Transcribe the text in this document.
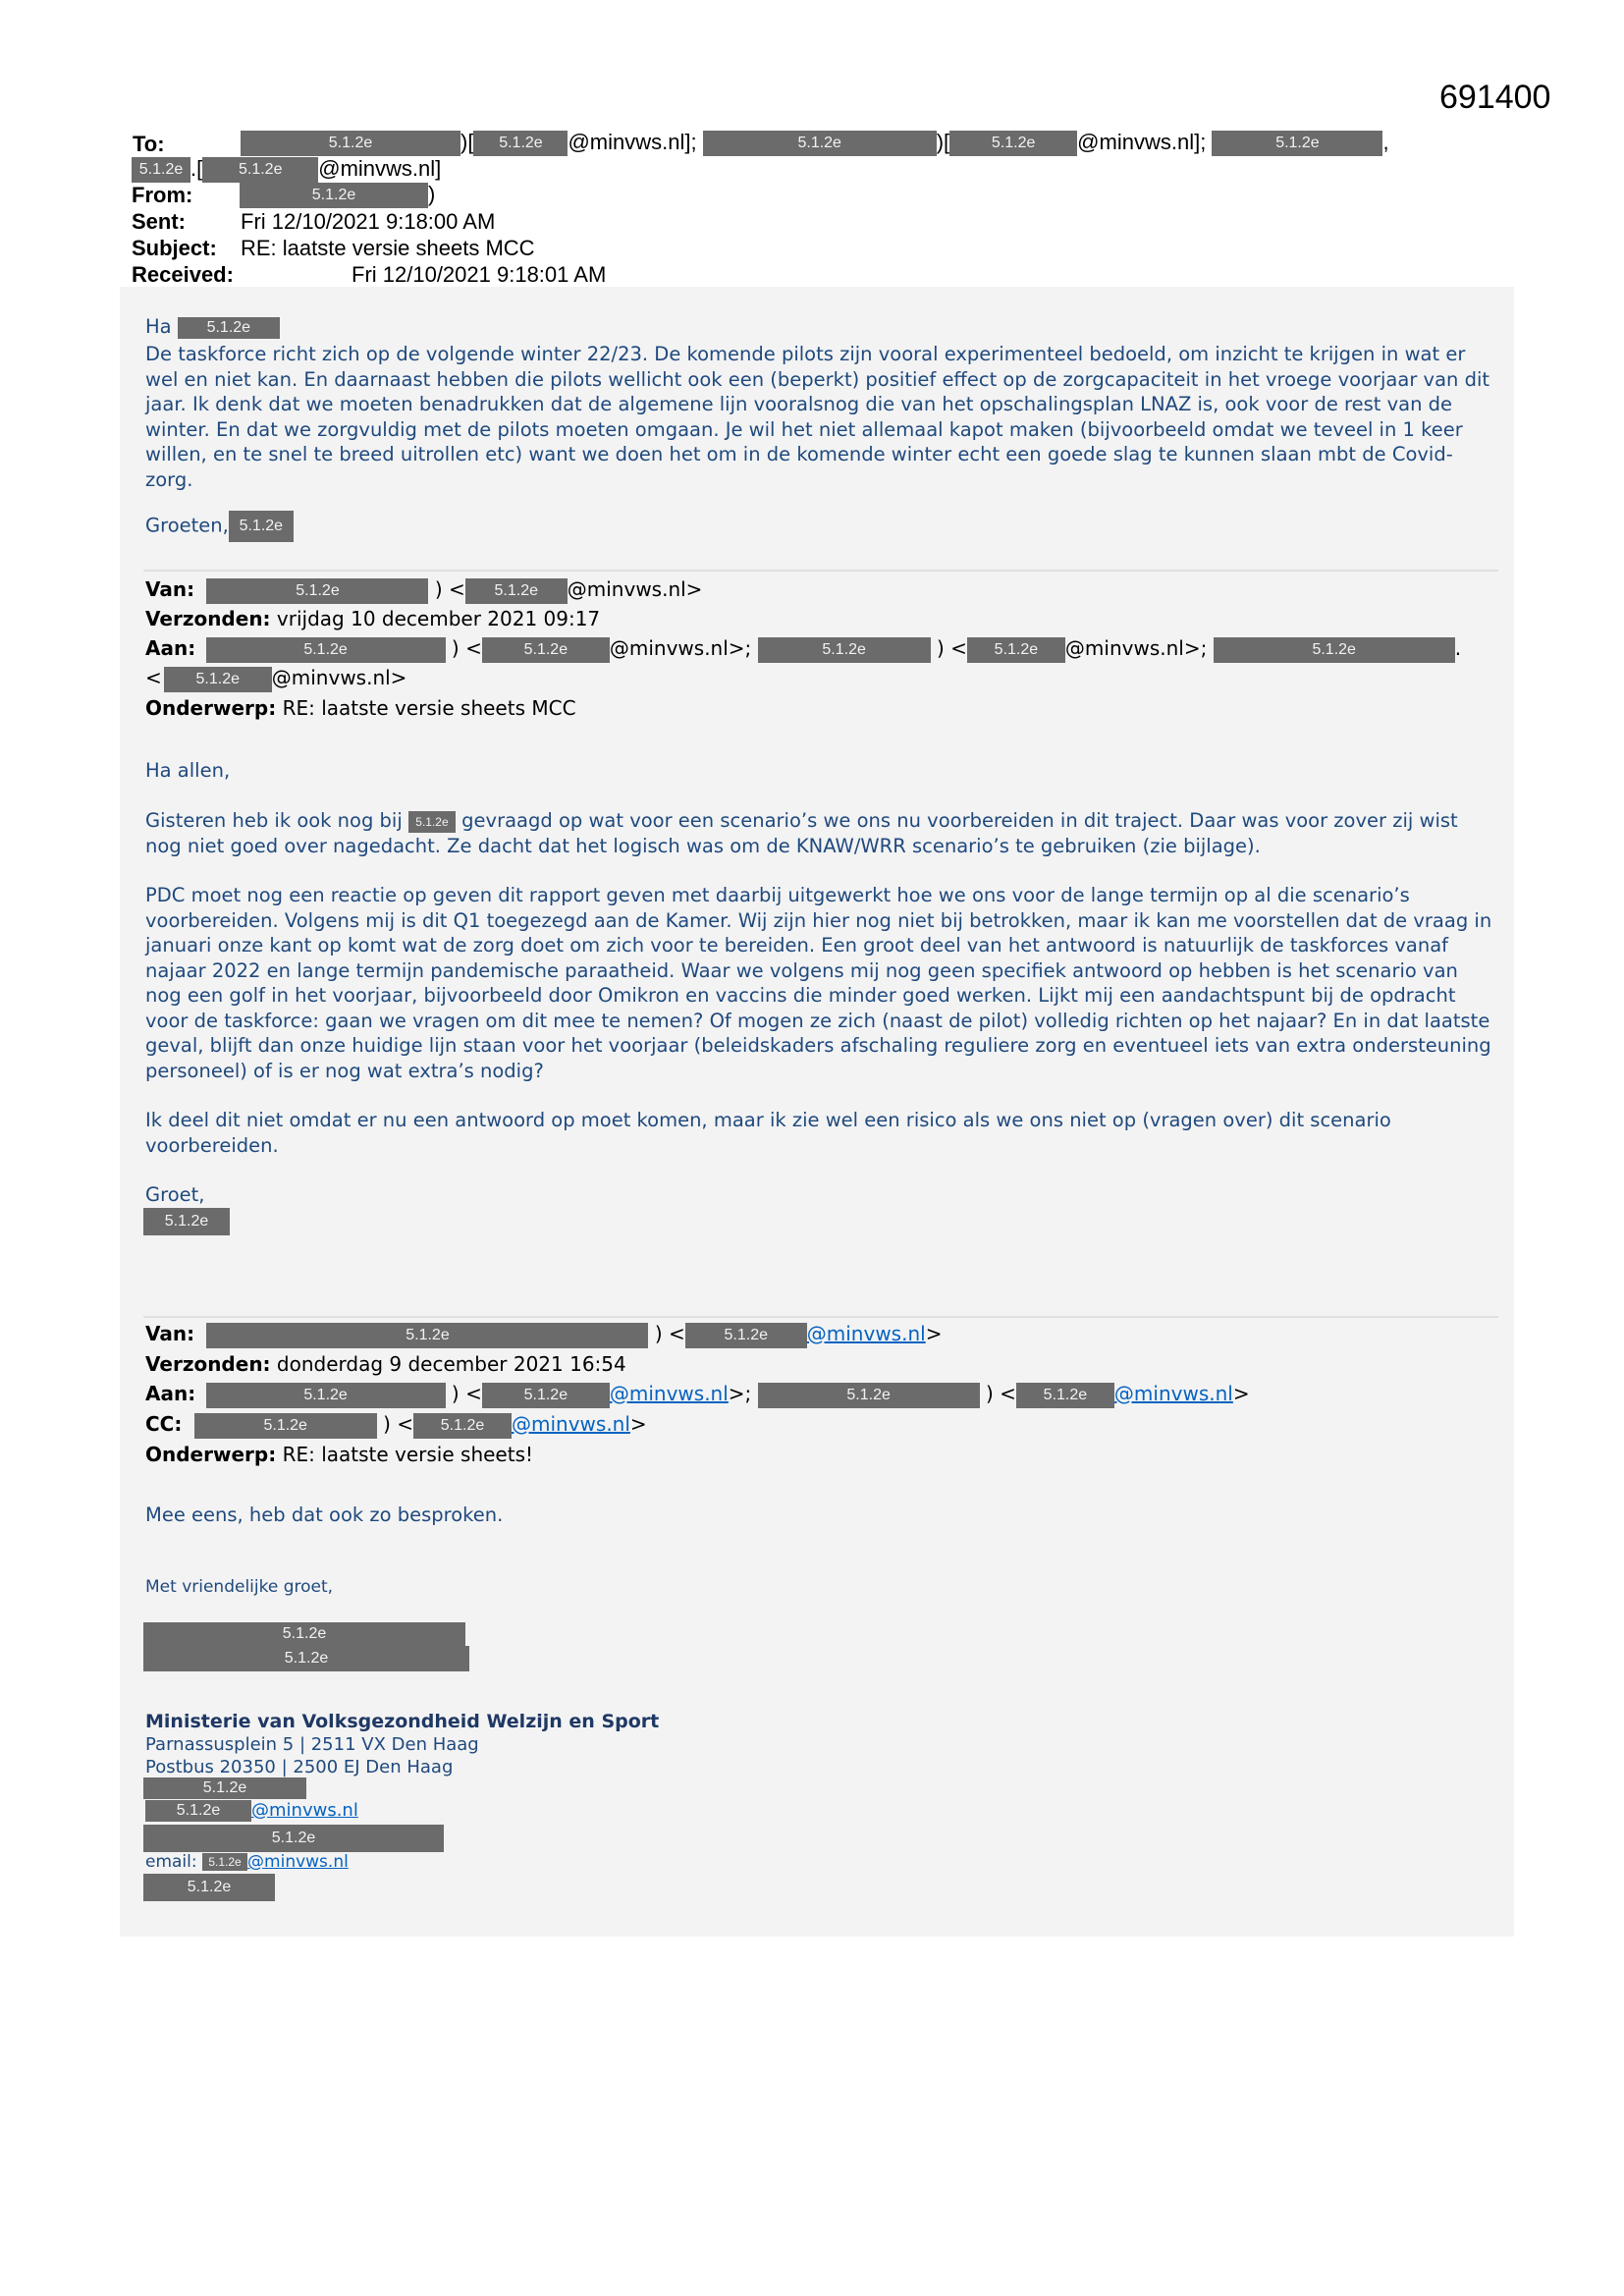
691400
To:	5.1.2e	)[ 5.1.2e @minvws.nl];	5.1.2e	)[	5.1.2e @minvws.nl];	5.1.2e	,
5.1.2e .[ 5.1.2e @minvws.nl]
From:	5.1.2e	)
Sent:	Fri 12/10/2021 9:18:00 AM
Subject: RE: laatste versie sheets MCC
Received:	Fri 12/10/2021 9:18:01 AM
Ha 5.1.2e
De taskforce richt zich op de volgende winter 22/23. De komende pilots zijn vooral experimenteel bedoeld, om inzicht te krijgen in wat er wel en niet kan. En daarnaast hebben die pilots wellicht ook een (beperkt) positief effect op de zorgcapaciteit in het vroege voorjaar van dit jaar. Ik denk dat we moeten benadrukken dat de algemene lijn vooralsnog die van het opschalingsplan LNAZ is, ook voor de rest van de winter. En dat we zorgvuldig met de pilots moeten omgaan. Je wil het niet allemaal kapot maken (bijvoorbeeld omdat we teveel in 1 keer willen, en te snel te breed uitrollen etc) want we doen het om in de komende winter echt een goede slag te kunnen slaan mbt de Covid-zorg.
Groeten, 5.1.2e
Van:	5.1.2e	) < 5.1.2e @minvws.nl>
Verzonden: vrijdag 10 december 2021 09:17
Aan:	5.1.2e	) <	5.1.2e @minvws.nl>;	5.1.2e	) < 5.1.2e @minvws.nl>;	5.1.2e	.
< 5.1.2e @minvws.nl>
Onderwerp: RE: laatste versie sheets MCC
Ha allen,
Gisteren heb ik ook nog bij 5.1.2e gevraagd op wat voor een scenario’s we ons nu voorbereiden in dit traject. Daar was voor zover zij wist nog niet goed over nagedacht. Ze dacht dat het logisch was om de KNAW/WRR scenario’s te gebruiken (zie bijlage).
PDC moet nog een reactie op geven dit rapport geven met daarbij uitgewerkt hoe we ons voor de lange termijn op al die scenario’s voorbereiden. Volgens mij is dit Q1 toegezegd aan de Kamer. Wij zijn hier nog niet bij betrokken, maar ik kan me voorstellen dat de vraag in januari onze kant op komt wat de zorg doet om zich voor te bereiden. Een groot deel van het antwoord is natuurlijk de taskforces vanaf najaar 2022 en lange termijn pandemische paraatheid. Waar we volgens mij nog geen specifiek antwoord op hebben is het scenario van nog een golf in het voorjaar, bijvoorbeeld door Omikron en vaccins die minder goed werken. Lijkt mij een aandachtspunt bij de opdracht voor de taskforce: gaan we vragen om dit mee te nemen? Of mogen ze zich (naast de pilot) volledig richten op het najaar? En in dat laatste geval, blijft dan onze huidige lijn staan voor het voorjaar (beleidskaders afschaling reguliere zorg en eventueel iets van extra ondersteuning personeel) of is er nog wat extra’s nodig?
Ik deel dit niet omdat er nu een antwoord op moet komen, maar ik zie wel een risico als we ons niet op (vragen over) dit scenario voorbereiden.
Groet,
5.1.2e
Van:	5.1.2e	) < 5.1.2e @minvws.nl>
Verzonden: donderdag 9 december 2021 16:54
Aan:	5.1.2e	) <	5.1.2e @minvws.nl>;	5.1.2e	) < 5.1.2e @minvws.nl>
CC:	5.1.2e	) < 5.1.2e @minvws.nl>
Onderwerp: RE: laatste versie sheets!
Mee eens, heb dat ook zo besproken.
Met vriendelijke groet,
5.1.2e
5.1.2e
Ministerie van Volksgezondheid Welzijn en Sport
Parnassusplein 5 | 2511 VX Den Haag
Postbus 20350 | 2500 EJ Den Haag
5.1.2e
5.1.2e @minvws.nl
5.1.2e
email: 5.1.2e @minvws.nl
5.1.2e
